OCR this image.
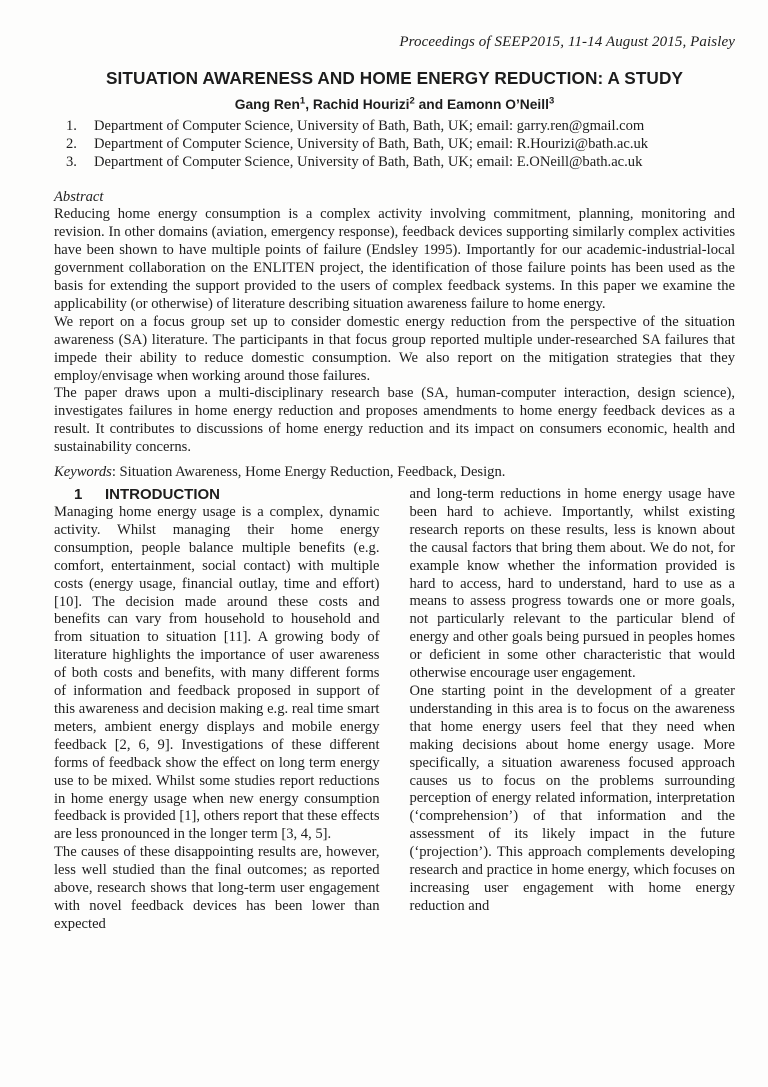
Proceedings of SEEP2015, 11-14 August 2015, Paisley
SITUATION AWARENESS AND HOME ENERGY REDUCTION: A STUDY
Gang Ren$^1$, Rachid Hourizi$^2$ and Eamonn O’Neill$^3$
1.	Department of Computer Science, University of Bath, Bath, UK; email: garry.ren@gmail.com
2.	Department of Computer Science, University of Bath, Bath, UK; email: R.Hourizi@bath.ac.uk
3.	Department of Computer Science, University of Bath, Bath, UK; email: E.ONeill@bath.ac.uk
Abstract

Reducing home energy consumption is a complex activity involving commitment, planning, monitoring and revision. In other domains (aviation, emergency response), feedback devices supporting similarly complex activities have been shown to have multiple points of failure (Endsley 1995). Importantly for our academic-industrial-local government collaboration on the ENLITEN project, the identification of those failure points has been used as the basis for extending the support provided to the users of complex feedback systems. In this paper we examine the applicability (or otherwise) of literature describing situation awareness failure to home energy.

We report on a focus group set up to consider domestic energy reduction from the perspective of the situation awareness (SA) literature. The participants in that focus group reported multiple under-researched SA failures that impede their ability to reduce domestic consumption. We also report on the mitigation strategies that they employ/envisage when working around those failures.

The paper draws upon a multi-disciplinary research base (SA, human-computer interaction, design science), investigates failures in home energy reduction and proposes amendments to home energy feedback devices as a result. It contributes to discussions of home energy reduction and its impact on consumers economic, health and sustainability concerns.

Keywords: Situation Awareness, Home Energy Reduction, Feedback, Design.
1	INTRODUCTION

Managing home energy usage is a complex, dynamic activity. Whilst managing their home energy consumption, people balance multiple benefits (e.g. comfort, entertainment, social contact) with multiple costs (energy usage, financial outlay, time and effort) [10]. The decision made around these costs and benefits can vary from household to household and from situation to situation [11]. A growing body of literature highlights the importance of user awareness of both costs and benefits, with many different forms of information and feedback proposed in support of this awareness and decision making e.g. real time smart meters, ambient energy displays and mobile energy feedback [2, 6, 9]. Investigations of these different forms of feedback show the effect on long term energy use to be mixed. Whilst some studies report reductions in home energy usage when new energy consumption feedback is provided [1], others report that these effects are less pronounced in the longer term [3, 4, 5].

The causes of these disappointing results are, however, less well studied than the final outcomes; as reported above, research shows that long-term user engagement with novel feedback devices has been lower than expected

and long-term reductions in home energy usage have been hard to achieve. Importantly, whilst existing research reports on these results, less is known about the causal factors that bring them about. We do not, for example know whether the information provided is hard to access, hard to understand, hard to use as a means to assess progress towards one or more goals, not particularly relevant to the particular blend of energy and other goals being pursued in peoples homes or deficient in some other characteristic that would otherwise encourage user engagement.

One starting point in the development of a greater understanding in this area is to focus on the awareness that home energy users feel that they need when making decisions about home energy usage. More specifically, a situation awareness focused approach causes us to focus on the problems surrounding perception of energy related information, interpretation (‘comprehension’) of that information and the assessment of its likely impact in the future (‘projection’). This approach complements developing research and practice in home energy, which focuses on increasing user engagement with home energy reduction and
